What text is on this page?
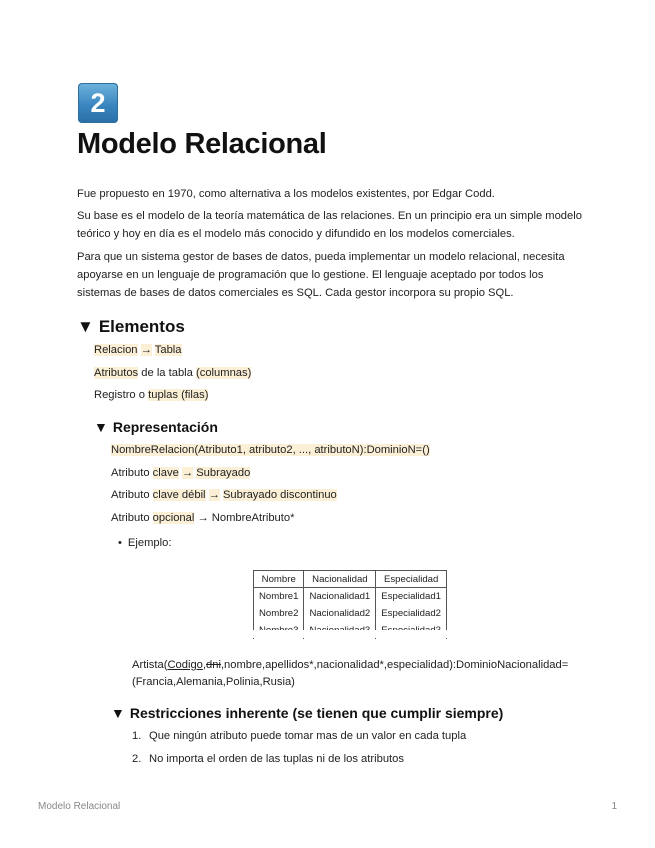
2
Modelo Relacional

Fue propuesto en 1970, como alternativa a los modelos existentes, por Edgar Codd.

Su base es el modelo de la teoría matemática de las relaciones. En un principio era un simple modelo teórico y hoy en día es el modelo más conocido y difundido en los modelos comerciales.

Para que un sistema gestor de bases de datos, pueda implementar un modelo relacional, necesita apoyarse en un lenguaje de programación que lo gestione. El lenguaje aceptado por todos los sistemas de bases de datos comerciales es SQL. Cada gestor incorpora su propio SQL.

▼ Elementos
Relacion → Tabla
Atributos de la tabla (columnas)
Registro o tuplas (filas)
▼ Representación
NombreRelacion(Atributo1, atributo2, ..., atributoN):DominioN=()
Atributo clave → Subrayado
Atributo clave débil → Subrayado discontinuo
Atributo opcional → NombreAtributo*
• Ejemplo:
Nombre	Nacionalidad	Especialidad
Nombre1	Nacionalidad1	Especialidad1
Nombre2	Nacionalidad2	Especialidad2

Artista(Codigo,dni,nombre,apellidos*,nacionalidad*,especialidad):DominioNacionalidad=
(Francia,Alemania,Polinia,Rusia)
▼ Restricciones inherente (se tienen que cumplir siempre)
1. Que ningún atributo puede tomar mas de un valor en cada tupla
2. No importa el orden de las tuplas ni de los atributos
Modelo Relacional	1
